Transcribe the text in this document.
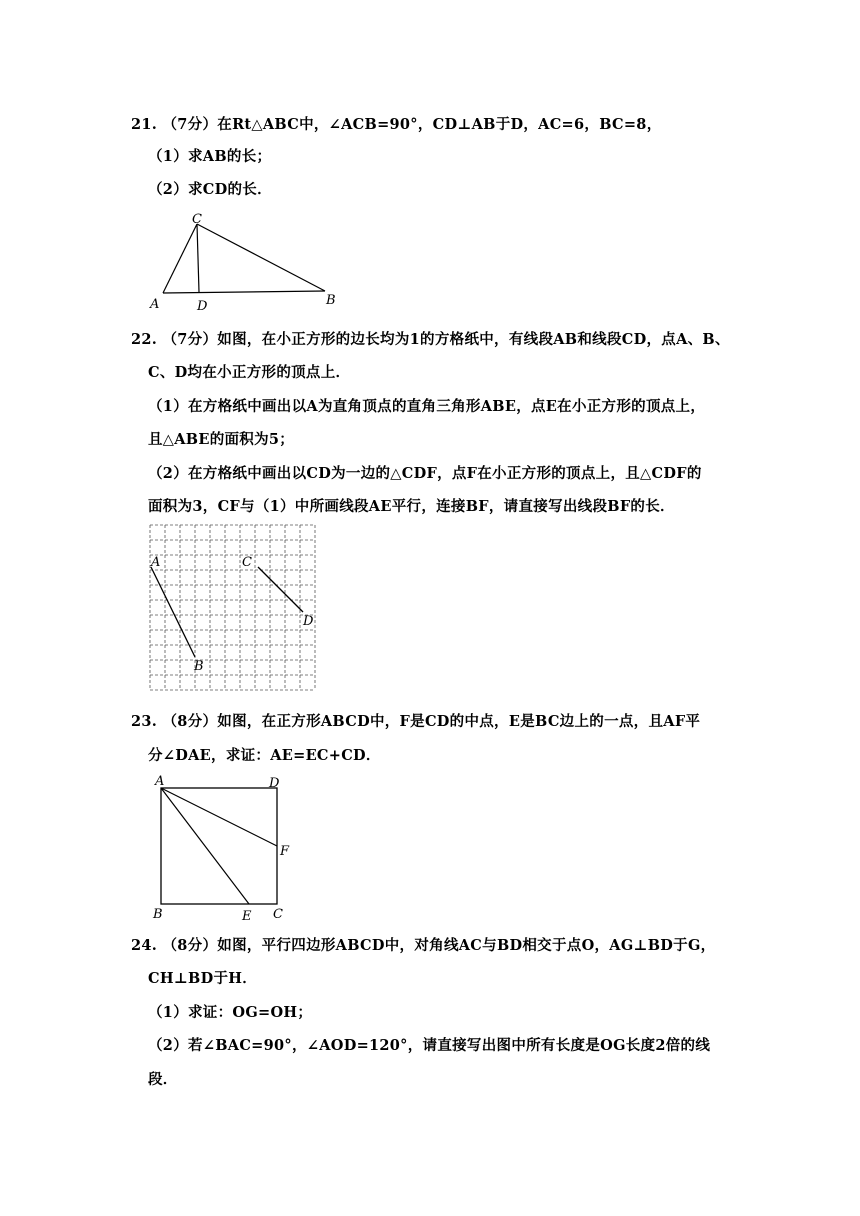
21. （7分）在Rt△ABC中，∠ACB=90°，CD⊥AB于D，AC=6，BC=8，
（1）求AB的长；
（2）求CD的长．
C
A	D	B
22. （7分）如图，在小正方形的边长均为1的方格纸中，有线段AB和线段CD，点A、B、
C、D均在小正方形的顶点上．
（1）在方格纸中画出以A为直角顶点的直角三角形ABE，点E在小正方形的顶点上，
且△ABE的面积为5；
（2）在方格纸中画出以CD为一边的△CDF，点F在小正方形的顶点上，且△CDF的
面积为3，CF与（1）中所画线段AE平行，连接BF，请直接写出线段BF的长．
A	C
D
B
23. （8分）如图，在正方形ABCD中，F是CD的中点，E是BC边上的一点，且AF平
分∠DAE，求证：AE=EC+CD．
A	D
F
B	E C
24. （8分）如图，平行四边形ABCD中，对角线AC与BD相交于点O，AG⊥BD于G，
CH⊥BD于H．
（1）求证：OG=OH；
（2）若∠BAC=90°，∠AOD=120°，请直接写出图中所有长度是OG长度2倍的线
段．
